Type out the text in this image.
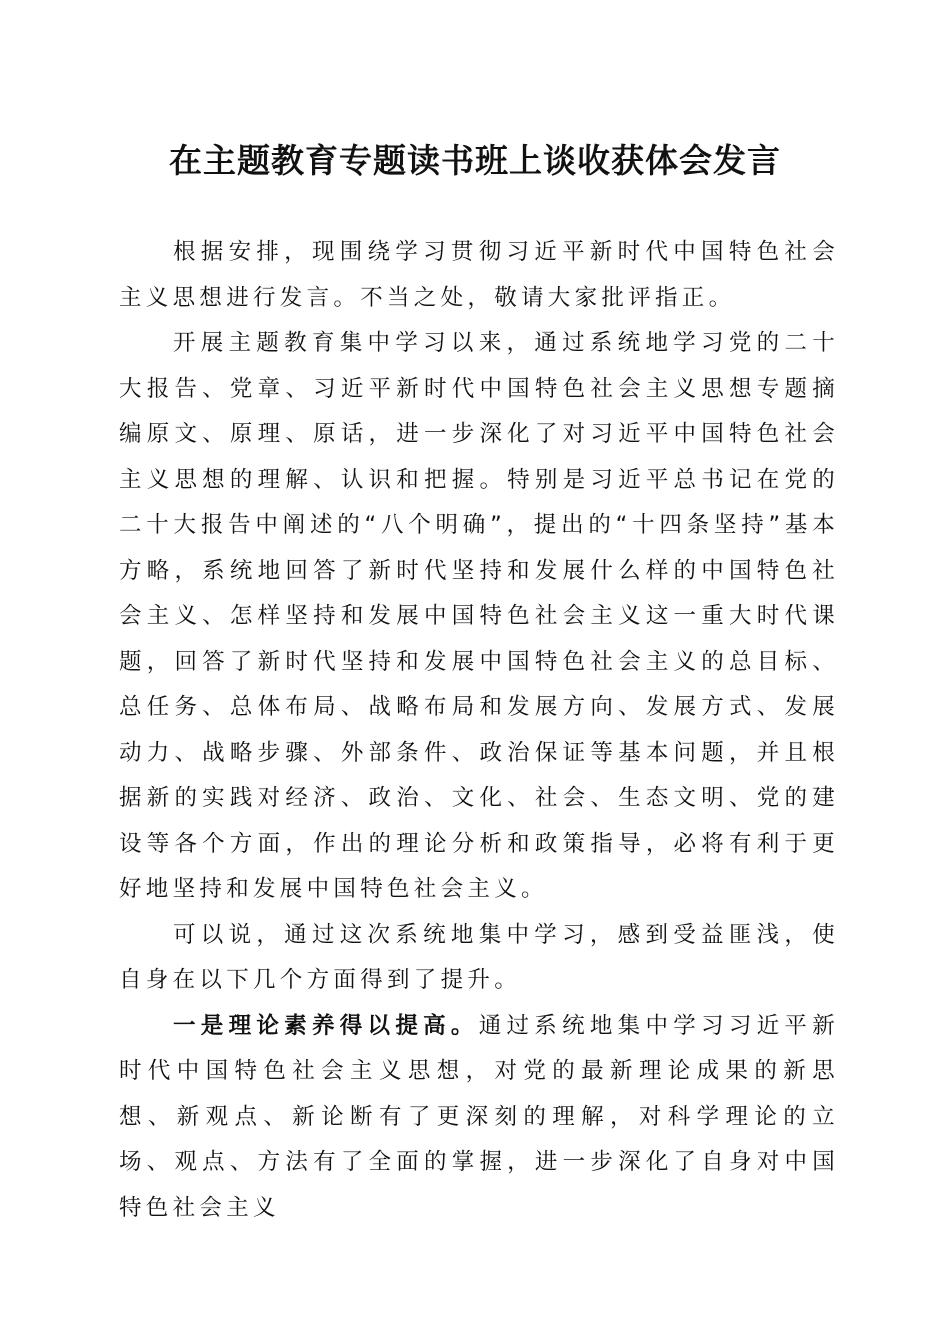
在主题教育专题读书班上谈收获体会发言

根据安排，现围绕学习贯彻习近平新时代中国特色社会主义思想进行发言。不当之处，敬请大家批评指正。

开展主题教育集中学习以来，通过系统地学习党的二十大报告、党章、习近平新时代中国特色社会主义思想专题摘编原文、原理、原话，进一步深化了对习近平中国特色社会主义思想的理解、认识和把握。特别是习近平总书记在党的二十大报告中阐述的“八个明确”，提出的“十四条坚持”基本方略，系统地回答了新时代坚持和发展什么样的中国特色社会主义、怎样坚持和发展中国特色社会主义这一重大时代课题，回答了新时代坚持和发展中国特色社会主义的总目标、总任务、总体布局、战略布局和发展方向、发展方式、发展动力、战略步骤、外部条件、政治保证等基本问题，并且根据新的实践对经济、政治、文化、社会、生态文明、党的建设等各个方面，作出的理论分析和政策指导，必将有利于更好地坚持和发展中国特色社会主义。

可以说，通过这次系统地集中学习，感到受益匪浅，使自身在以下几个方面得到了提升。

一是理论素养得以提高。通过系统地集中学习习近平新时代中国特色社会主义思想，对党的最新理论成果的新思想、新观点、新论断有了更深刻的理解，对科学理论的立场、观点、方法有了全面的掌握，进一步深化了自身对中国特色社会主义
